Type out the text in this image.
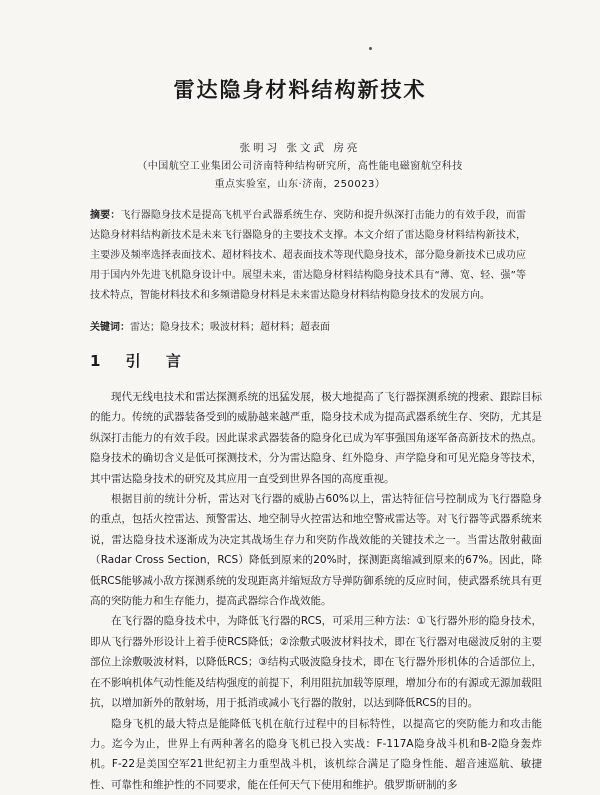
雷达隐身材料结构新技术
张明习 张文武 房亮
（中国航空工业集团公司济南特种结构研究所，高性能电磁窗航空科技
重点实验室，山东·济南，250023）
摘要：飞行器隐身技术是提高飞机平台武器系统生存、突防和提升纵深打击能力的有效手段，而雷达隐身材料结构新技术是未来飞行器隐身的主要技术支撑。本文介绍了雷达隐身材料结构新技术，主要涉及频率选择表面技术、超材料技术、超表面技术等现代隐身技术，部分隐身新技术已成功应用于国内外先进飞机隐身设计中。展望未来，雷达隐身材料结构隐身技术具有“薄、宽、轻、强”等技术特点，智能材料技术和多频谱隐身材料是未来雷达隐身材料结构隐身技术的发展方向。
关键词：雷达；隐身技术；吸波材料；超材料；超表面
1 引 言

现代无线电技术和雷达探测系统的迅猛发展，极大地提高了飞行器探测系统的搜索、跟踪目标的能力。传统的武器装备受到的威胁越来越严重，隐身技术成为提高武器系统生存、突防，尤其是纵深打击能力的有效手段。因此谋求武器装备的隐身化已成为军事强国角逐军备高新技术的热点。隐身技术的确切含义是低可探测技术，分为雷达隐身、红外隐身、声学隐身和可见光隐身等技术，其中雷达隐身技术的研究及其应用一直受到世界各国的高度重视。

根据目前的统计分析，雷达对飞行器的威胁占60%以上，雷达特征信号控制成为飞行器隐身的重点，包括火控雷达、预警雷达、地空制导火控雷达和地空警戒雷达等。对飞行器等武器系统来说，雷达隐身技术逐渐成为决定其战场生存力和突防作战效能的关键技术之一。当雷达散射截面（Radar Cross Section，RCS）降低到原来的20%时，探测距离缩减到原来的67%。因此，降低RCS能够减小敌方探测系统的发现距离并缩短敌方导弹防御系统的反应时间，使武器系统具有更高的突防能力和生存能力，提高武器综合作战效能。

在飞行器的隐身技术中，为降低飞行器的RCS，可采用三种方法：①飞行器外形的隐身技术，即从飞行器外形设计上着手使RCS降低；②涂敷式吸波材料技术，即在飞行器对电磁波反射的主要部位上涂敷吸波材料，以降低RCS；③结构式吸波隐身技术，即在飞行器外形机体的合适部位上，在不影响机体气动性能及结构强度的前提下，利用阻抗加载等原理，增加分布的有源或无源加载阻抗，以增加新外的散射场，用于抵消或减小飞行器的散射，以达到降低RCS的目的。

隐身飞机的最大特点是能降低飞机在航行过程中的目标特性，以提高它的突防能力和攻击能力。迄今为止，世界上有两种著名的隐身飞机已投入实战：F-117A隐身战斗机和B-2隐身轰炸机。F-22是美国空军21世纪初主力重型战斗机，该机综合满足了隐身性能、超音速巡航、敏捷性、可靠性和维护性的不同要求，能在任何天气下使用和维护。俄罗斯研制的多
